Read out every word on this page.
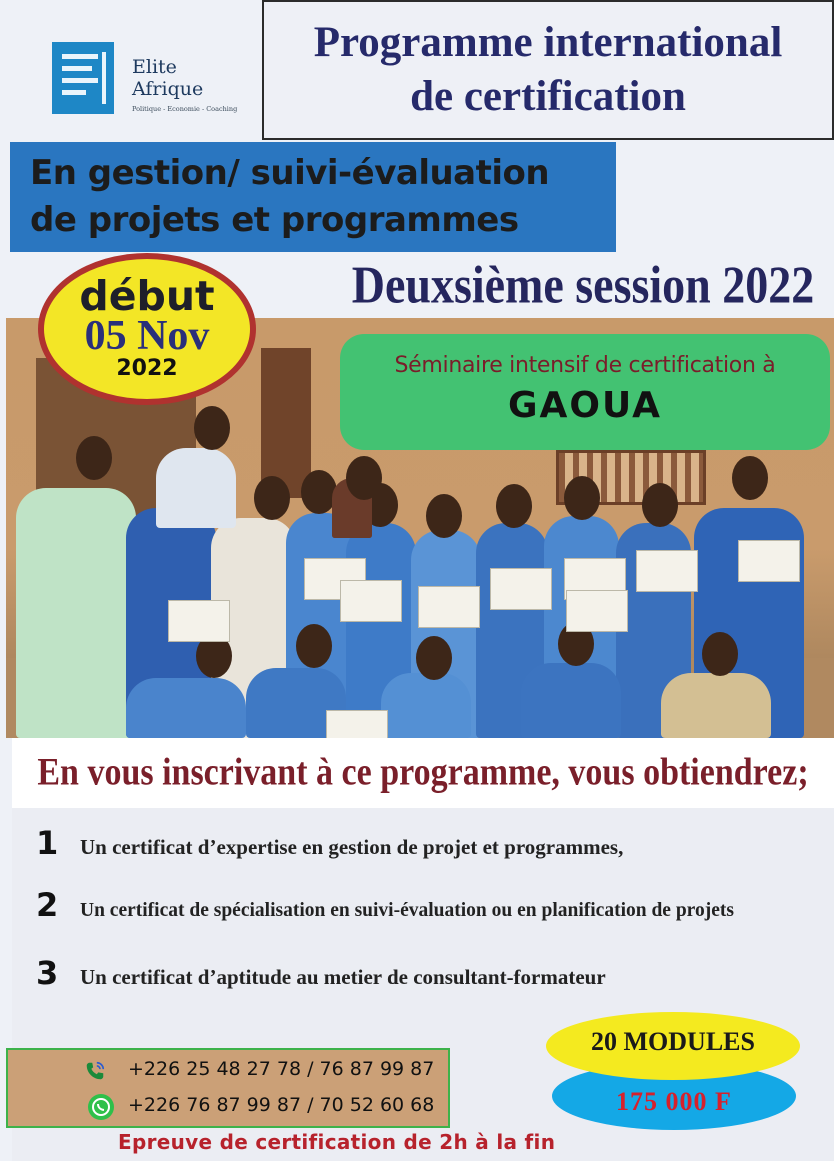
Elite
Afrique
Politique - Economie - Coaching
Programme international
de certification
En gestion/ suivi-évaluation
de projets et programmes
Deuxsième session 2022
début
05 Nov
2022	Séminaire intensif de certification à
GAOUA
En vous inscrivant à ce programme, vous obtiendrez;
1	Un certificat d’expertise en gestion de projet et programmes,
2	Un certificat de spécialisation en suivi-évaluation ou en planification de projets
3	Un certificat d’aptitude au metier de consultant-formateur
+226 25 48 27 78 / 76 87 99 87
+226 76 87 99 87 / 70 52 60 68	175 000 F
20 MODULES
Epreuve de certification de 2h à la fin
